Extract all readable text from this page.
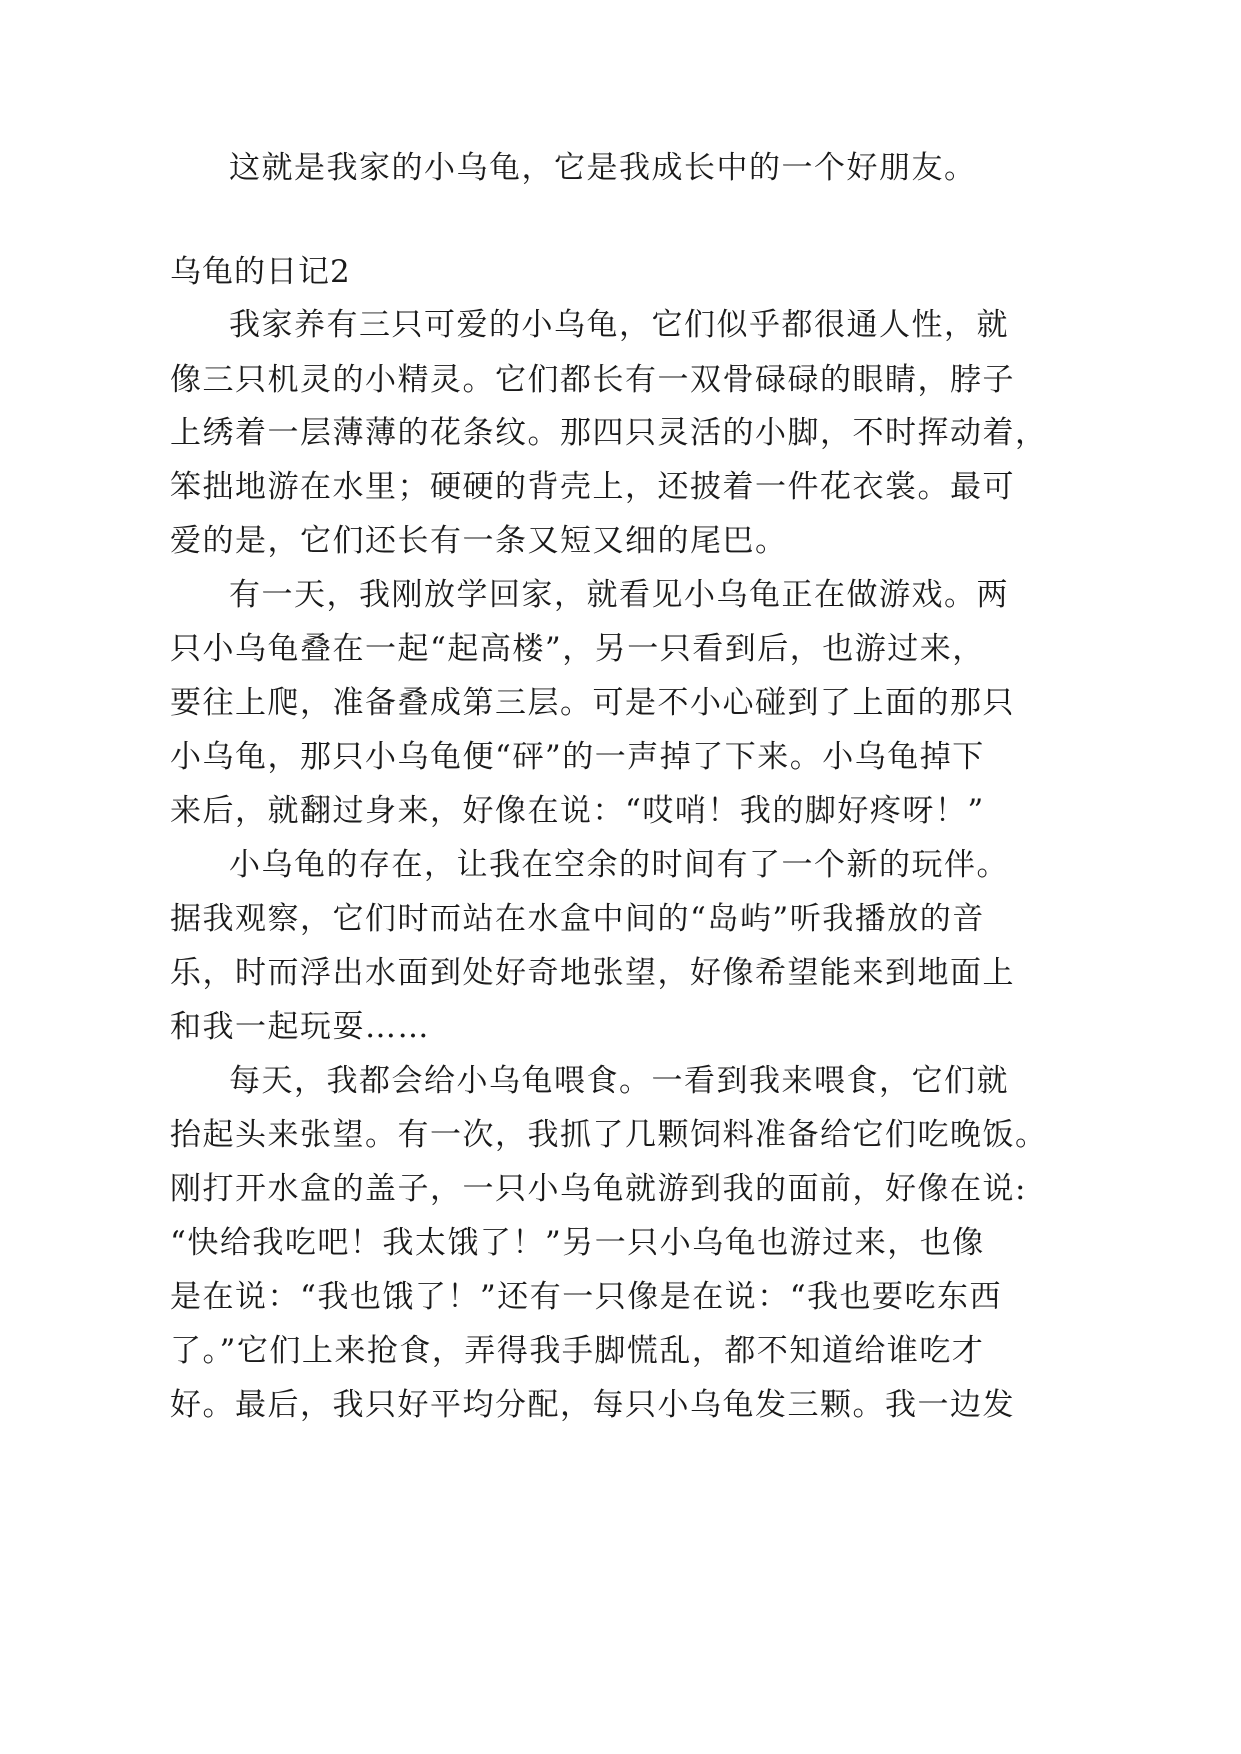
这就是我家的小乌龟，它是我成长中的一个好朋友。
乌龟的日记2
我家养有三只可爱的小乌龟，它们似乎都很通人性，就
像三只机灵的小精灵。它们都长有一双骨碌碌的眼睛，脖子
上绣着一层薄薄的花条纹。那四只灵活的小脚，不时挥动着，
笨拙地游在水里；硬硬的背壳上，还披着一件花衣裳。最可
爱的是，它们还长有一条又短又细的尾巴。
有一天，我刚放学回家，就看见小乌龟正在做游戏。两
只小乌龟叠在一起“起高楼”，另一只看到后，也游过来，
要往上爬，准备叠成第三层。可是不小心碰到了上面的那只
小乌龟，那只小乌龟便“砰”的一声掉了下来。小乌龟掉下
来后，就翻过身来，好像在说：“哎哨！我的脚好疼呀！”
小乌龟的存在，让我在空余的时间有了一个新的玩伴。
据我观察，它们时而站在水盒中间的“岛屿”听我播放的音
乐，时而浮出水面到处好奇地张望，好像希望能来到地面上
和我一起玩耍……
每天，我都会给小乌龟喂食。一看到我来喂食，它们就
抬起头来张望。有一次，我抓了几颗饲料准备给它们吃晚饭。
刚打开水盒的盖子，一只小乌龟就游到我的面前，好像在说:
“快给我吃吧！我太饿了！”另一只小乌龟也游过来，也像
是在说：“我也饿了！”还有一只像是在说：“我也要吃东西
了。”它们上来抢食，弄得我手脚慌乱，都不知道给谁吃才
好。最后，我只好平均分配，每只小乌龟发三颗。我一边发
